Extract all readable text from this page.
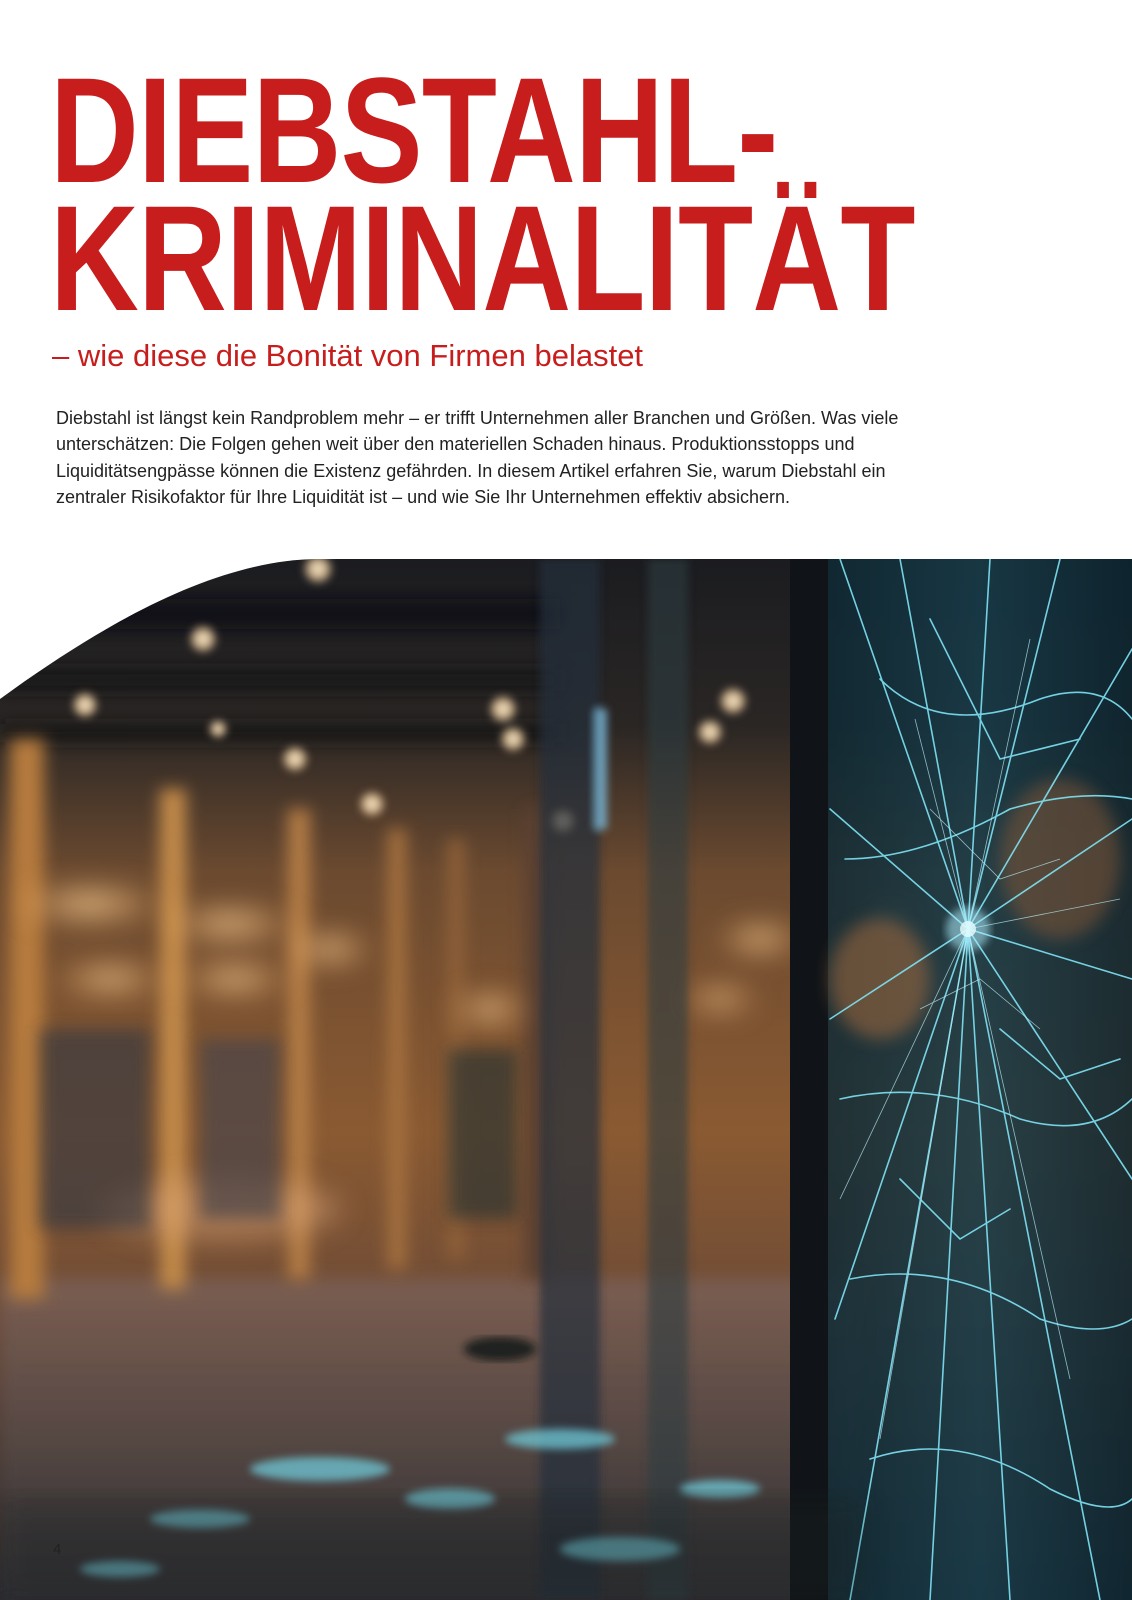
DIEBSTAHL-
KRIMINALITÄT
– wie diese die Bonität von Firmen belastet
Diebstahl ist längst kein Randproblem mehr – er trifft Unternehmen aller Branchen und Größen. Was viele
unterschätzen: Die Folgen gehen weit über den materiellen Schaden hinaus. Produktionsstopps und
Liquiditätsengpässe können die Existenz gefährden. In diesem Artikel erfahren Sie, warum Diebstahl ein
zentraler Risikofaktor für Ihre Liquidität ist – und wie Sie Ihr Unternehmen effektiv absichern.
4
